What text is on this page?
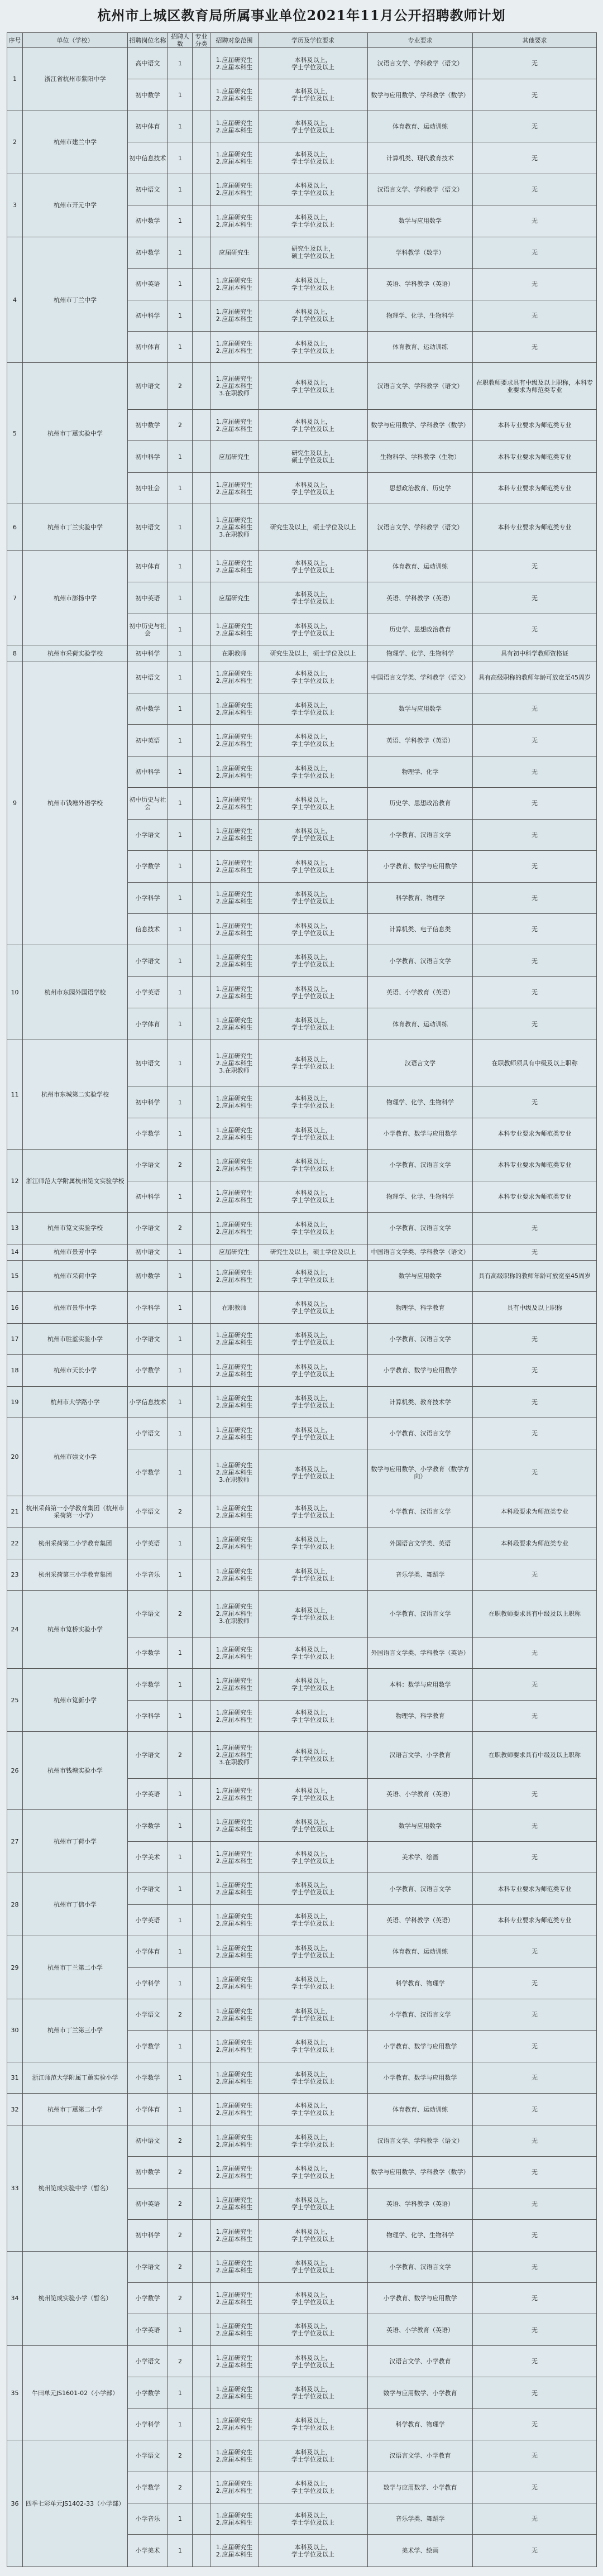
杭州市上城区教育局所属事业单位2021年11月公开招聘教师计划
序号	单位（学校）	招聘岗位名称	招聘人数	专业分类	招聘对象范围	学历及学位要求	专业要求	其他要求
1	浙江省杭州市紫阳中学	高中语文	1		1.应届研究生
2.应届本科生	本科及以上，
学士学位及以上	汉语言文学、学科教学（语文）	无
		初中数学	1		1.应届研究生
2.应届本科生	本科及以上，
学士学位及以上	数学与应用数学、学科教学（数学）	无
2	杭州市建兰中学	初中体育	1		1.应届研究生
2.应届本科生	本科及以上，
学士学位及以上	体育教育、运动训练	无
		初中信息技术	1		1.应届研究生
2.应届本科生	本科及以上，
学士学位及以上	计算机类、现代教育技术	无
3	杭州市开元中学	初中语文	1		1.应届研究生
2.应届本科生	本科及以上，
学士学位及以上	汉语言文学、学科教学（语文）	无
		初中数学	1		1.应届研究生
2.应届本科生	本科及以上，
学士学位及以上	数学与应用数学	无
4	杭州市丁兰中学	初中数学	1		应届研究生	研究生及以上，
硕士学位及以上	学科教学（数学）	无
		初中英语	1		1.应届研究生
2.应届本科生	本科及以上，
学士学位及以上	英语、学科教学（英语）	无
		初中科学	1		1.应届研究生
2.应届本科生	本科及以上，
学士学位及以上	物理学、化学、生物科学	无
		初中体育	1		1.应届研究生
2.应届本科生	本科及以上，
学士学位及以上	体育教育、运动训练	无
5	杭州市丁蕙实验中学	初中语文	2		1.应届研究生
2.应届本科生
3.在职教师	本科及以上，
学士学位及以上	汉语言文学、学科教学（语文）	在职教师要求具有中级及以上职称，本科专业要求为师范类专业
		初中数学	2		1.应届研究生
2.应届本科生	本科及以上，
学士学位及以上	数学与应用数学、学科教学（数学）	本科专业要求为师范类专业
		初中科学	1		应届研究生	研究生及以上，
硕士学位及以上	生物科学、学科教学（生物）	本科专业要求为师范类专业
		初中社会	1		1.应届研究生
2.应届本科生	本科及以上，
学士学位及以上	思想政治教育、历史学	本科专业要求为师范类专业
6	杭州市丁兰实验中学	初中语文	1		1.应届研究生
2.应届本科生
3.在职教师	研究生及以上，硕士学位及以上	汉语言文学、学科教学（语文）	本科专业要求为师范类专业
7	杭州市澎扬中学	初中体育	1		1.应届研究生
2.应届本科生	本科及以上，
学士学位及以上	体育教育、运动训练	无
		初中英语	1		应届研究生	本科及以上，
学士学位及以上	英语、学科教学（英语）	无
		初中历史与社会	1		1.应届研究生
2.应届本科生	本科及以上，
学士学位及以上	历史学、思想政治教育	无
8	杭州市采荷实验学校	初中科学	1		在职教师	研究生及以上，硕士学位及以上	物理学、化学、生物科学	具有初中科学教师资格证
9	杭州市钱塘外语学校	初中语文	1		1.应届研究生
2.应届本科生	本科及以上，
学士学位及以上	中国语言文学类、学科教学（语文）	具有高级职称的教师年龄可放宽至45周岁
		初中数学	1		1.应届研究生
2.应届本科生	本科及以上，
学士学位及以上	数学与应用数学	无
		初中英语	1		1.应届研究生
2.应届本科生	本科及以上，
学士学位及以上	英语、学科教学（英语）	无
		初中科学	1		1.应届研究生
2.应届本科生	本科及以上，
学士学位及以上	物理学、化学	无
		初中历史与社会	1		1.应届研究生
2.应届本科生	本科及以上，
学士学位及以上	历史学、思想政治教育	无
		小学语文	1		1.应届研究生
2.应届本科生	本科及以上，
学士学位及以上	小学教育、汉语言文学	无
		小学数学	1		1.应届研究生
2.应届本科生	本科及以上，
学士学位及以上	小学教育、数学与应用数学	无
		小学科学	1		1.应届研究生
2.应届本科生	本科及以上，
学士学位及以上	科学教育、物理学	无
		信息技术	1		1.应届研究生
2.应届本科生	本科及以上，
学士学位及以上	计算机类、电子信息类	无
10	杭州市东园外国语学校	小学语文	1		1.应届研究生
2.应届本科生	本科及以上，
学士学位及以上	小学教育、汉语言文学	无
		小学英语	1		1.应届研究生
2.应届本科生	本科及以上，
学士学位及以上	英语、小学教育（英语）	无
		小学体育	1		1.应届研究生
2.应届本科生	本科及以上，
学士学位及以上	体育教育、运动训练	无
11	杭州市东城第二实验学校	初中语文	1		1.应届研究生
2.应届本科生
3.在职教师	本科及以上，
学士学位及以上	汉语言文学	在职教师须具有中级及以上职称
		初中科学	1		1.应届研究生
2.应届本科生	本科及以上，
学士学位及以上	物理学、化学、生物科学	无
		小学数学	1		1.应届研究生
2.应届本科生	本科及以上，
学士学位及以上	小学教育、数学与应用数学	本科专业要求为师范类专业
12	浙江师范大学附属杭州笕文实验学校	小学语文	2		1.应届研究生
2.应届本科生	本科及以上，
学士学位及以上	小学教育、汉语言文学	本科专业要求为师范类专业
		初中科学	1		1.应届研究生
2.应届本科生	本科及以上，
学士学位及以上	物理学、化学、生物科学	本科专业要求为师范类专业
13	杭州市笕文实验学校	小学语文	2		1.应届研究生
2.应届本科生	本科及以上，
学士学位及以上	小学教育、汉语言文学	无
14	杭州市景芳中学	初中语文	1		应届研究生	研究生及以上，硕士学位及以上	中国语言文学类、学科教学（语文）	无
15	杭州市采荷中学	初中数学	1		1.应届研究生
2.应届本科生	本科及以上，
学士学位及以上	数学与应用数学	具有高级职称的教师年龄可放宽至45周岁
16	杭州市景华中学	小学科学	1		在职教师	本科及以上，
学士学位及以上	物理学、科学教育	具有中级及以上职称
17	杭州市胜蓝实验小学	小学语文	1		1.应届研究生
2.应届本科生	本科及以上，
学士学位及以上	小学教育、汉语言文学	无
18	杭州市天长小学	小学数学	1		1.应届研究生
2.应届本科生	本科及以上，
学士学位及以上	小学教育、数学与应用数学	无
19	杭州市大学路小学	小学信息技术	1		1.应届研究生
2.应届本科生	本科及以上，
学士学位及以上	计算机类、教育技术学	无
20	杭州市崇文小学	小学语文	1		1.应届研究生
2.应届本科生	本科及以上，
学士学位及以上	小学教育、汉语言文学	无
		小学数学	1		1.应届研究生
2.应届本科生
3.在职教师	本科及以上，
学士学位及以上	数学与应用数学、小学教育（数学方向）	无
21	杭州采荷第一小学教育集团（杭州市采荷第一小学）	小学语文	2		1.应届研究生
2.应届本科生	本科及以上，
学士学位及以上	小学教育、汉语言文学	本科段要求为师范类专业
22	杭州采荷第二小学教育集团	小学英语	1		1.应届研究生
2.应届本科生	本科及以上，
学士学位及以上	外国语言文学类、英语	本科段要求为师范类专业
23	杭州采荷第三小学教育集团	小学音乐	1		1.应届研究生
2.应届本科生	本科及以上，
学士学位及以上	音乐学类、舞蹈学	无
24	杭州市笕桥实验小学	小学语文	2		1.应届研究生
2.应届本科生
3.在职教师	本科及以上，
学士学位及以上	小学教育、汉语言文学	在职教师要求具有中级及以上职称
		小学数学	1		1.应届研究生
2.应届本科生	本科及以上，
学士学位及以上	外国语言文学类、学科教学（英语）	无
25	杭州市笕新小学	小学数学	1		1.应届研究生
2.应届本科生	本科及以上，
学士学位及以上	本科：数学与应用数学	无
		小学科学	1		1.应届研究生
2.应届本科生	本科及以上，
学士学位及以上	物理学、科学教育	无
26	杭州市钱塘实验小学	小学语文	2		1.应届研究生
2.应届本科生
3.在职教师	本科及以上，
学士学位及以上	汉语言文学、小学教育	在职教师要求具有中级及以上职称
		小学英语	1		1.应届研究生
2.应届本科生	本科及以上，
学士学位及以上	英语、小学教育（英语）	无
27	杭州市丁荷小学	小学数学	1		1.应届研究生
2.应届本科生	本科及以上，
学士学位及以上	数学与应用数学	无
		小学美术	1		1.应届研究生
2.应届本科生	本科及以上，
学士学位及以上	美术学、绘画	无
28	杭州市丁信小学	小学语文	1		1.应届研究生
2.应届本科生	本科及以上，
学士学位及以上	小学教育、汉语言文学	本科专业要求为师范类专业
		小学英语	1		1.应届研究生
2.应届本科生	本科及以上，
学士学位及以上	英语、学科教学（英语）	本科专业要求为师范类专业
29	杭州市丁兰第二小学	小学体育	1		1.应届研究生
2.应届本科生	本科及以上，
学士学位及以上	体育教育、运动训练	无
		小学科学	1		1.应届研究生
2.应届本科生	本科及以上，
学士学位及以上	科学教育、物理学	无
30	杭州市丁兰第三小学	小学语文	2		1.应届研究生
2.应届本科生	本科及以上，
学士学位及以上	小学教育、汉语言文学	无
		小学数学	1		1.应届研究生
2.应届本科生	本科及以上，
学士学位及以上	小学教育、数学与应用数学	无
31	浙江师范大学附属丁蕙实验小学	小学数学	1		1.应届研究生
2.应届本科生	本科及以上，
学士学位及以上	小学教育、数学与应用数学	无
32	杭州市丁蕙第二小学	小学体育	1		1.应届研究生
2.应届本科生	本科及以上，
学士学位及以上	体育教育、运动训练	无
33	杭州笕成实验中学（暂名）	初中语文	2		1.应届研究生
2.应届本科生	本科及以上，
学士学位及以上	汉语言文学、学科教学（语文）	无
		初中数学	2		1.应届研究生
2.应届本科生	本科及以上，
学士学位及以上	数学与应用数学、学科教学（数学）	无
		初中英语	2		1.应届研究生
2.应届本科生	本科及以上，
学士学位及以上	英语、学科教学（英语）	无
		初中科学	2		1.应届研究生
2.应届本科生	本科及以上，
学士学位及以上	物理学、化学、生物科学	无
34	杭州笕成实验小学（暂名）	小学语文	2		1.应届研究生
2.应届本科生	本科及以上，
学士学位及以上	小学教育、汉语言文学	无
		小学数学	2		1.应届研究生
2.应届本科生	本科及以上，
学士学位及以上	小学教育、数学与应用数学	无
		小学英语	1		1.应届研究生
2.应届本科生	本科及以上，
学士学位及以上	英语、小学教育（英语）	无
35	牛田单元JS1601-02（小学部）	小学语文	2		1.应届研究生
2.应届本科生	本科及以上，
学士学位及以上	汉语言文学、小学教育	无
		小学数学	1		1.应届研究生
2.应届本科生	本科及以上，
学士学位及以上	数学与应用数学、小学教育	无
		小学科学	1		1.应届研究生
2.应届本科生	本科及以上，
学士学位及以上	科学教育、物理学	无
36	四季七彩单元JS1402-33（小学部）	小学语文	2		1.应届研究生
2.应届本科生	本科及以上，
学士学位及以上	汉语言文学、小学教育	无
		小学数学	2		1.应届研究生
2.应届本科生	本科及以上，
学士学位及以上	数学与应用数学、小学教育	无
		小学音乐	1		1.应届研究生
2.应届本科生	本科及以上，
学士学位及以上	音乐学类、舞蹈学	无
		小学美术	1		1.应届研究生
2.应届本科生	本科及以上，
学士学位及以上	美术学、绘画	无
